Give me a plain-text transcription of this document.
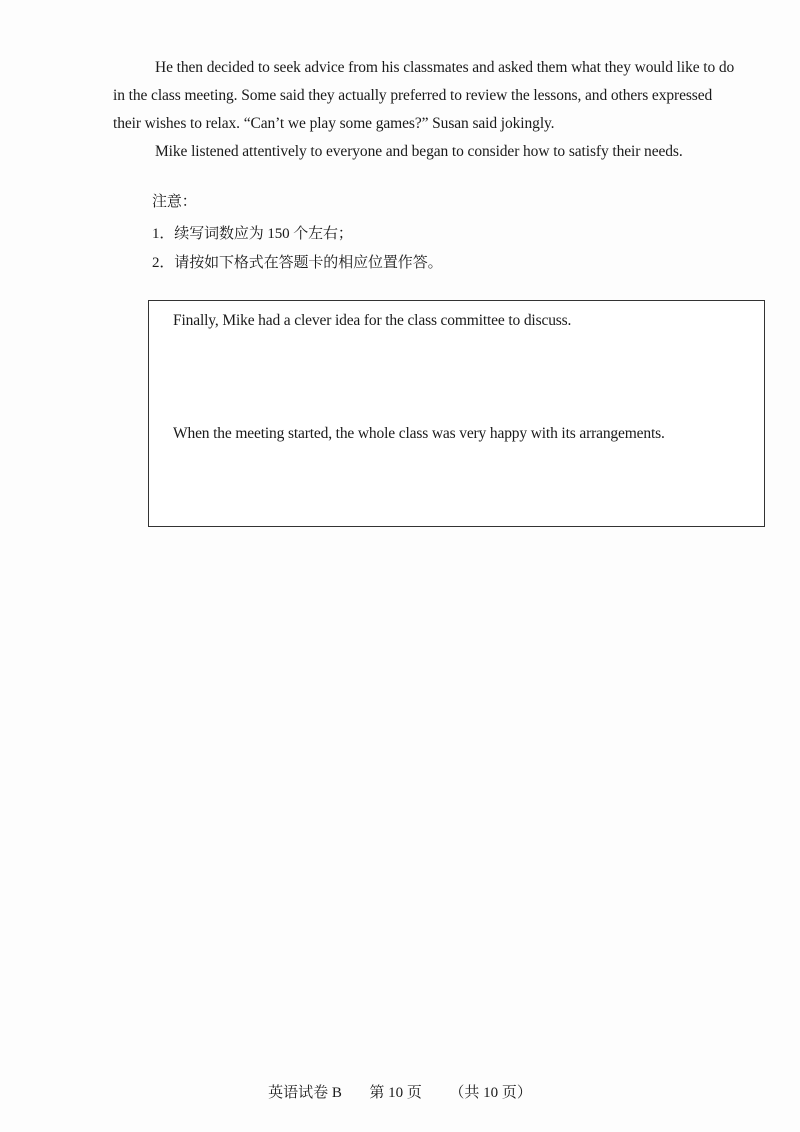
He then decided to seek advice from his classmates and asked them what they would like to do
in the class meeting. Some said they actually preferred to review the lessons, and others expressed
their wishes to relax. “Can’t we play some games?” Susan said jokingly.
Mike listened attentively to everyone and began to consider how to satisfy their needs.
注意：
1．续写词数应为 150 个左右；
2．请按如下格式在答题卡的相应位置作答。
Finally, Mike had a clever idea for the class committee to discuss.
When the meeting started, the whole class was very happy with its arrangements.
英语试卷 B 第 10 页 （共 10 页）
